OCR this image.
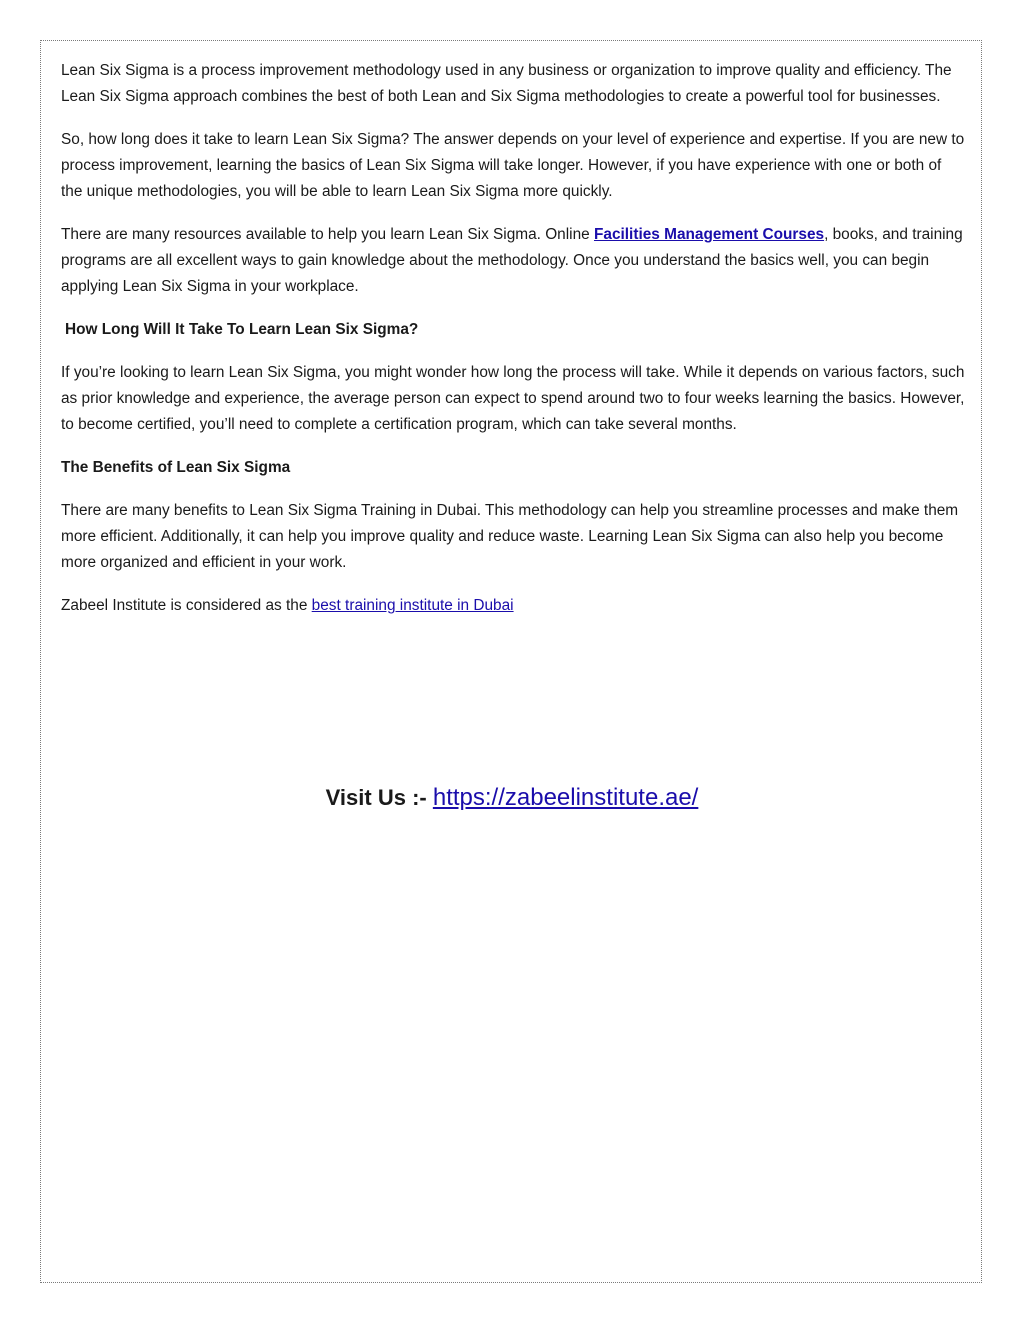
Lean Six Sigma is a process improvement methodology used in any business or organization to improve quality and efficiency. The Lean Six Sigma approach combines the best of both Lean and Six Sigma methodologies to create a powerful tool for businesses.

So, how long does it take to learn Lean Six Sigma? The answer depends on your level of experience and expertise. If you are new to process improvement, learning the basics of Lean Six Sigma will take longer. However, if you have experience with one or both of the unique methodologies, you will be able to learn Lean Six Sigma more quickly.

There are many resources available to help you learn Lean Six Sigma. Online Facilities Management Courses, books, and training programs are all excellent ways to gain knowledge about the methodology. Once you understand the basics well, you can begin applying Lean Six Sigma in your workplace.

How Long Will It Take To Learn Lean Six Sigma?

If you’re looking to learn Lean Six Sigma, you might wonder how long the process will take. While it depends on various factors, such as prior knowledge and experience, the average person can expect to spend around two to four weeks learning the basics. However, to become certified, you’ll need to complete a certification program, which can take several months.

The Benefits of Lean Six Sigma

There are many benefits to Lean Six Sigma Training in Dubai. This methodology can help you streamline processes and make them more efficient. Additionally, it can help you improve quality and reduce waste. Learning Lean Six Sigma can also help you become more organized and efficient in your work.

Zabeel Institute is considered as the best training institute in Dubai

Visit Us :- https://zabeelinstitute.ae/
